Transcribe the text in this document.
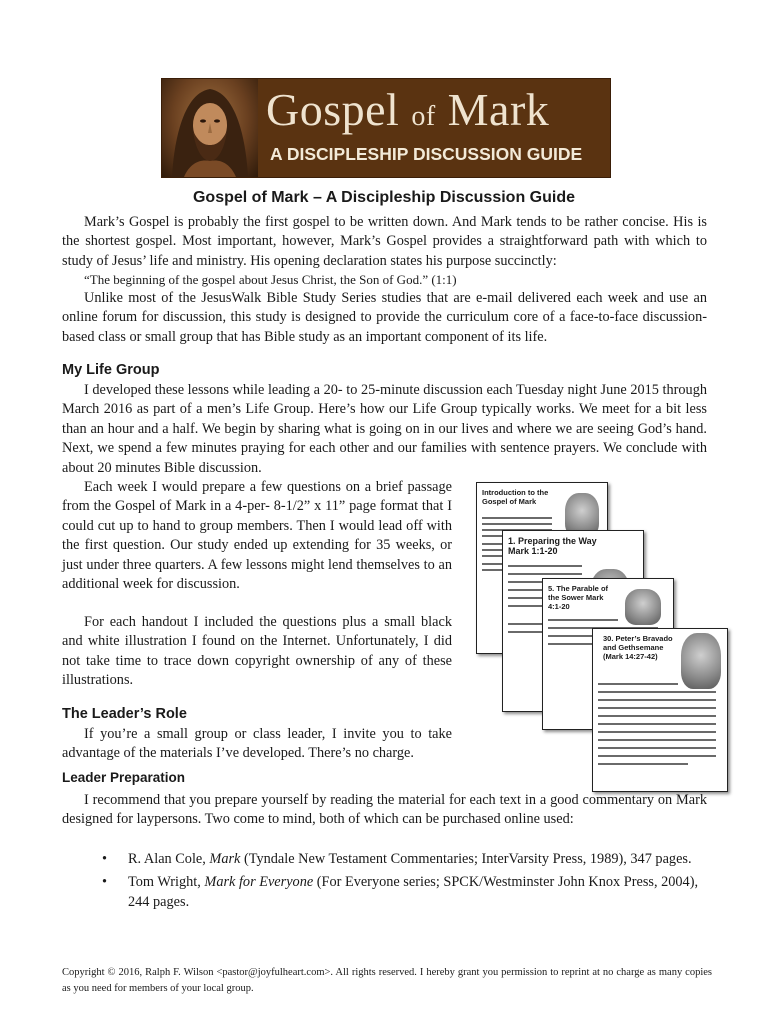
Gospel of Mark
A DISCIPLESHIP DISCUSSION GUIDE
Gospel of Mark – A Discipleship Discussion Guide

Mark’s Gospel is probably the first gospel to be written down. And Mark tends to be rather concise. His is the shortest gospel. Most important, however, Mark’s Gospel provides a straightforward path with which to study of Jesus’ life and ministry. His opening declaration states his purpose succinctly:

“The beginning of the gospel about Jesus Christ, the Son of God.” (1:1)

Unlike most of the JesusWalk Bible Study Series studies that are e-mail delivered each week and use an online forum for discussion, this study is designed to provide the curriculum core of a face-to-face discussion-based class or small group that has Bible study as an important component of its life.

My Life Group

I developed these lessons while leading a 20- to 25-minute discussion each Tuesday night June 2015 through March 2016 as part of a men’s Life Group. Here’s how our Life Group typically works. We meet for a bit less than an hour and a half. We begin by sharing what is going on in our lives and where we are seeing God’s hand. Next, we spend a few minutes praying for each other and our families with sentence prayers. We conclude with about 20 minutes Bible discussion.

Each week I would prepare a few questions on a brief passage from the Gospel of Mark in a 4-per- 8-1/2” x 11” page format that I could cut up to hand to group members. Then I would lead off with the first question. Our study ended up extending for 35 weeks, or just under three quarters. A few lessons might lend themselves to an additional week for discussion.

For each handout I included the questions plus a small black and white illustration I found on the Internet. Unfortunately, I did not take time to trace down copyright ownership of any of these illustrations.

The Leader’s Role

If you’re a small group or class leader, I invite you to take advantage of the materials I’ve developed. There’s no charge.

Leader Preparation

I recommend that you prepare yourself by reading the material for each text in a good commentary on Mark designed for laypersons. Two come to mind, both of which can be purchased online used:

• R. Alan Cole, Mark (Tyndale New Testament Commentaries; InterVarsity Press, 1989), 347 pages.
• Tom Wright, Mark for Everyone (For Everyone series; SPCK/Westminster John Knox Press, 2004), 244 pages.
Introduction to the Gospel of Mark
1. Preparing the Way Mark 1:1-20
5. The Parable of the Sower Mark 4:1-20
30. Peter’s Bravado and Gethsemane (Mark 14:27-42)
Copyright © 2016, Ralph F. Wilson <pastor@joyfulheart.com>. All rights reserved. I hereby grant you permission to reprint at no charge as many copies as you need for members of your local group.
